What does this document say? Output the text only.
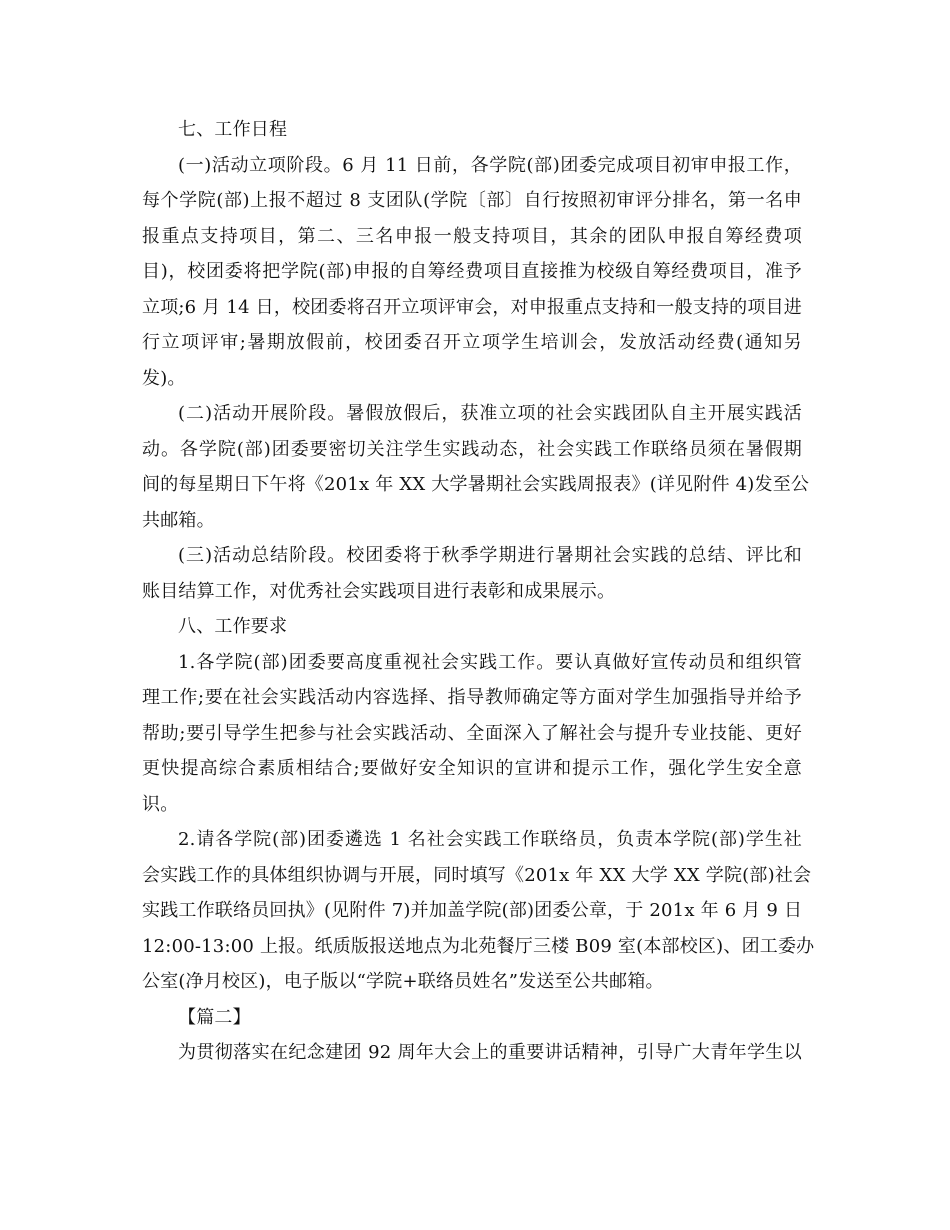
七、工作日程
(一)活动立项阶段。6 月 11 日前，各学院(部)团委完成项目初审申报工作，
每个学院(部)上报不超过 8 支团队(学院〔部〕自行按照初审评分排名，第一名申
报重点支持项目，第二、三名申报一般支持项目，其余的团队申报自筹经费项
目)，校团委将把学院(部)申报的自筹经费项目直接推为校级自筹经费项目，准予
立项;6 月 14 日，校团委将召开立项评审会，对申报重点支持和一般支持的项目进
行立项评审;暑期放假前，校团委召开立项学生培训会，发放活动经费(通知另
发)。
(二)活动开展阶段。暑假放假后，获准立项的社会实践团队自主开展实践活
动。各学院(部)团委要密切关注学生实践动态，社会实践工作联络员须在暑假期
间的每星期日下午将《201x 年 XX 大学暑期社会实践周报表》(详见附件 4)发至公
共邮箱。
(三)活动总结阶段。校团委将于秋季学期进行暑期社会实践的总结、评比和
账目结算工作，对优秀社会实践项目进行表彰和成果展示。
八、工作要求
1.各学院(部)团委要高度重视社会实践工作。要认真做好宣传动员和组织管
理工作;要在社会实践活动内容选择、指导教师确定等方面对学生加强指导并给予
帮助;要引导学生把参与社会实践活动、全面深入了解社会与提升专业技能、更好
更快提高综合素质相结合;要做好安全知识的宣讲和提示工作，强化学生安全意
识。
2.请各学院(部)团委遴选 1 名社会实践工作联络员，负责本学院(部)学生社
会实践工作的具体组织协调与开展，同时填写《201x 年 XX 大学 XX 学院(部)社会
实践工作联络员回执》(见附件 7)并加盖学院(部)团委公章，于 201x 年 6 月 9 日
12:00-13:00 上报。纸质版报送地点为北苑餐厅三楼 B09 室(本部校区)、团工委办
公室(净月校区)，电子版以“学院+联络员姓名”发送至公共邮箱。
【篇二】
为贯彻落实在纪念建团 92 周年大会上的重要讲话精神，引导广大青年学生以
